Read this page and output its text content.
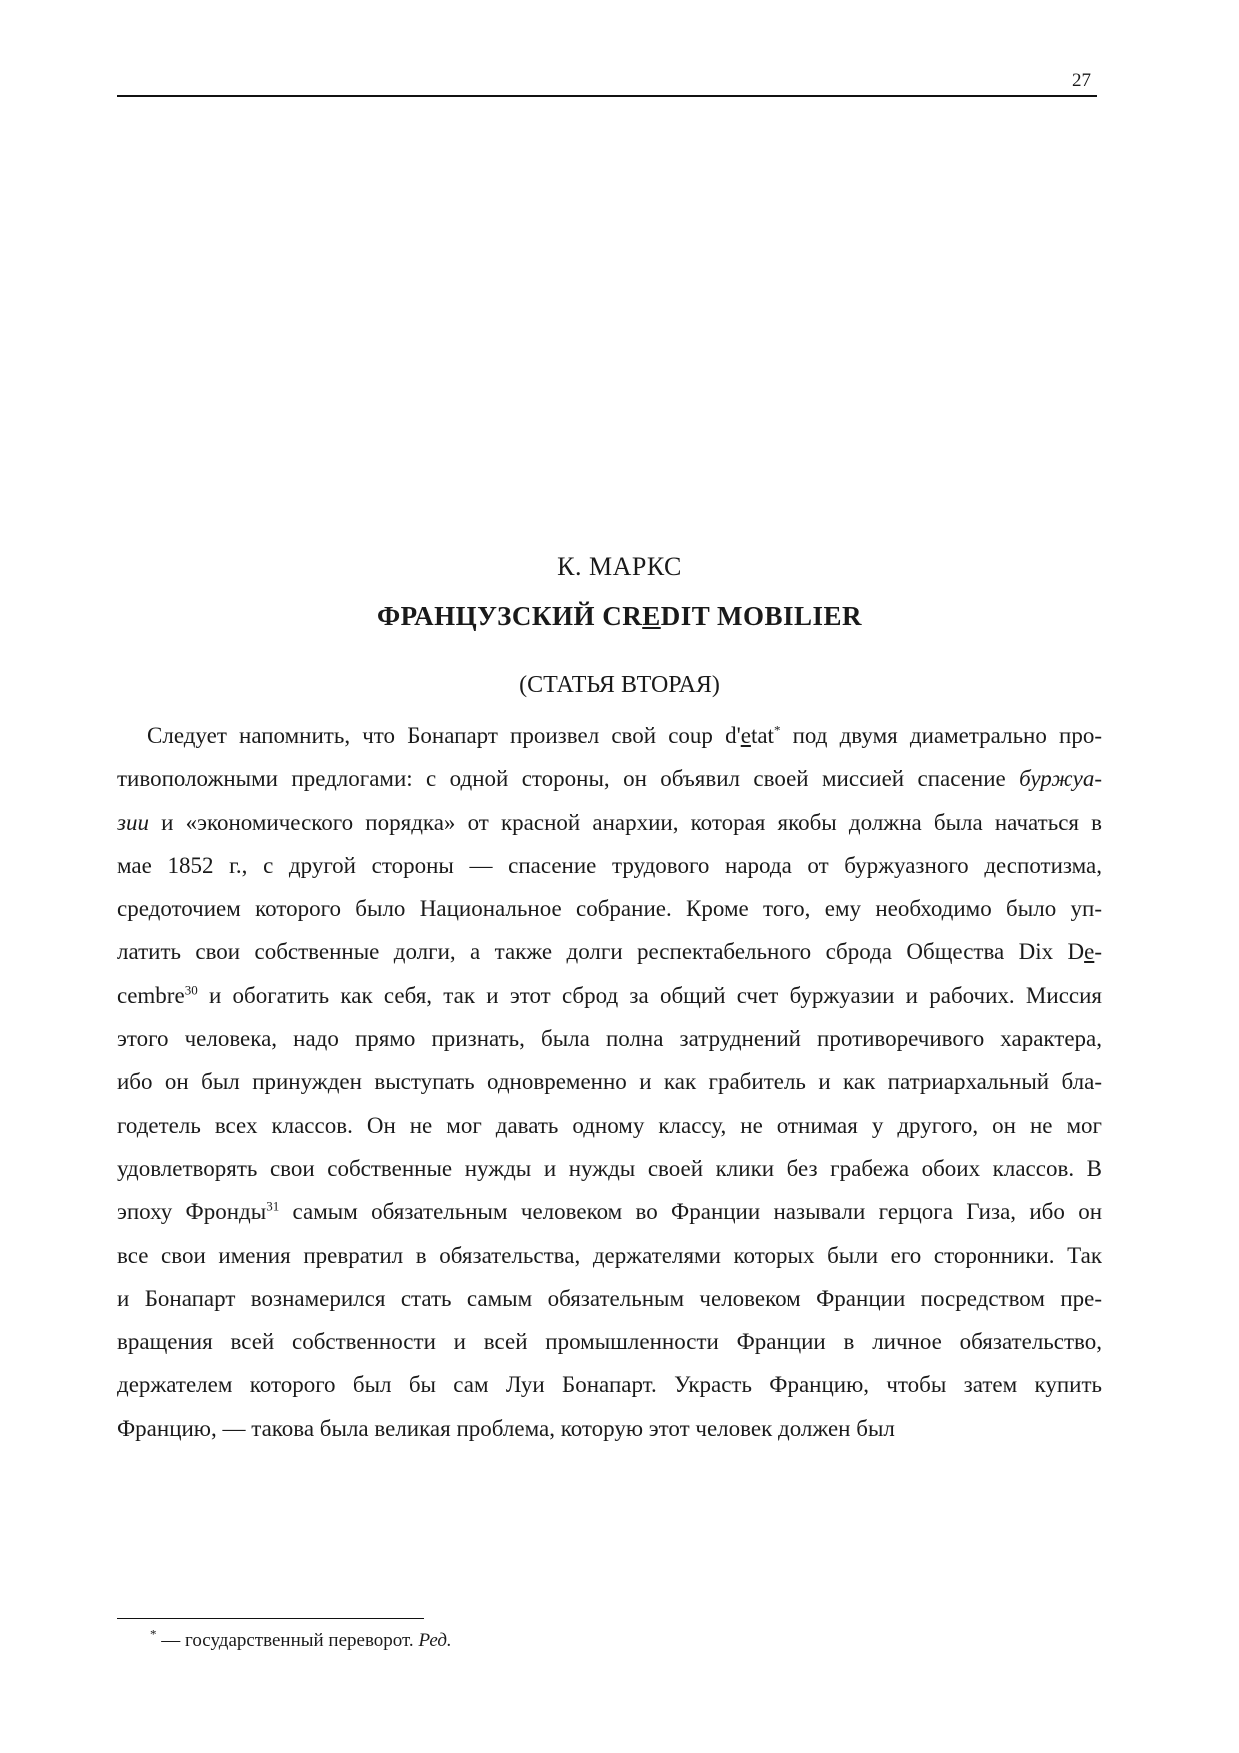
27
К. МАРКС
ФРАНЦУЗСКИЙ CREDIT MOBILIER
(СТАТЬЯ ВТОРАЯ)
Следует напомнить, что Бонапарт произвел свой coup d'etat* под двумя диаметрально про-
тивоположными предлогами: с одной стороны, он объявил своей миссией спасение буржуа-
зии и «экономического порядка» от красной анархии, которая якобы должна была начаться в
мае 1852 г., с другой стороны — спасение трудового народа от буржуазного деспотизма,
средоточием которого было Национальное собрание. Кроме того, ему необходимо было уп-
латить свои собственные долги, а также долги респектабельного сброда Общества Dix De-
cembre$^{30}$ и обогатить как себя, так и этот сброд за общий счет буржуазии и рабочих. Миссия
этого человека, надо прямо признать, была полна затруднений противоречивого характера,
ибо он был принужден выступать одновременно и как грабитель и как патриархальный бла-
годетель всех классов. Он не мог давать одному классу, не отнимая у другого, он не мог
удовлетворять свои собственные нужды и нужды своей клики без грабежа обоих классов. В
эпоху Фронды$^{31}$ самым обязательным человеком во Франции называли герцога Гиза, ибо он
все свои имения превратил в обязательства, держателями которых были его сторонники. Так
и Бонапарт вознамерился стать самым обязательным человеком Франции посредством пре-
вращения всей собственности и всей промышленности Франции в личное обязательство,
держателем которого был бы сам Луи Бонапарт. Украсть Францию, чтобы затем купить
Францию, — такова была великая проблема, которую этот человек должен был
* — государственный переворот. Ред.
